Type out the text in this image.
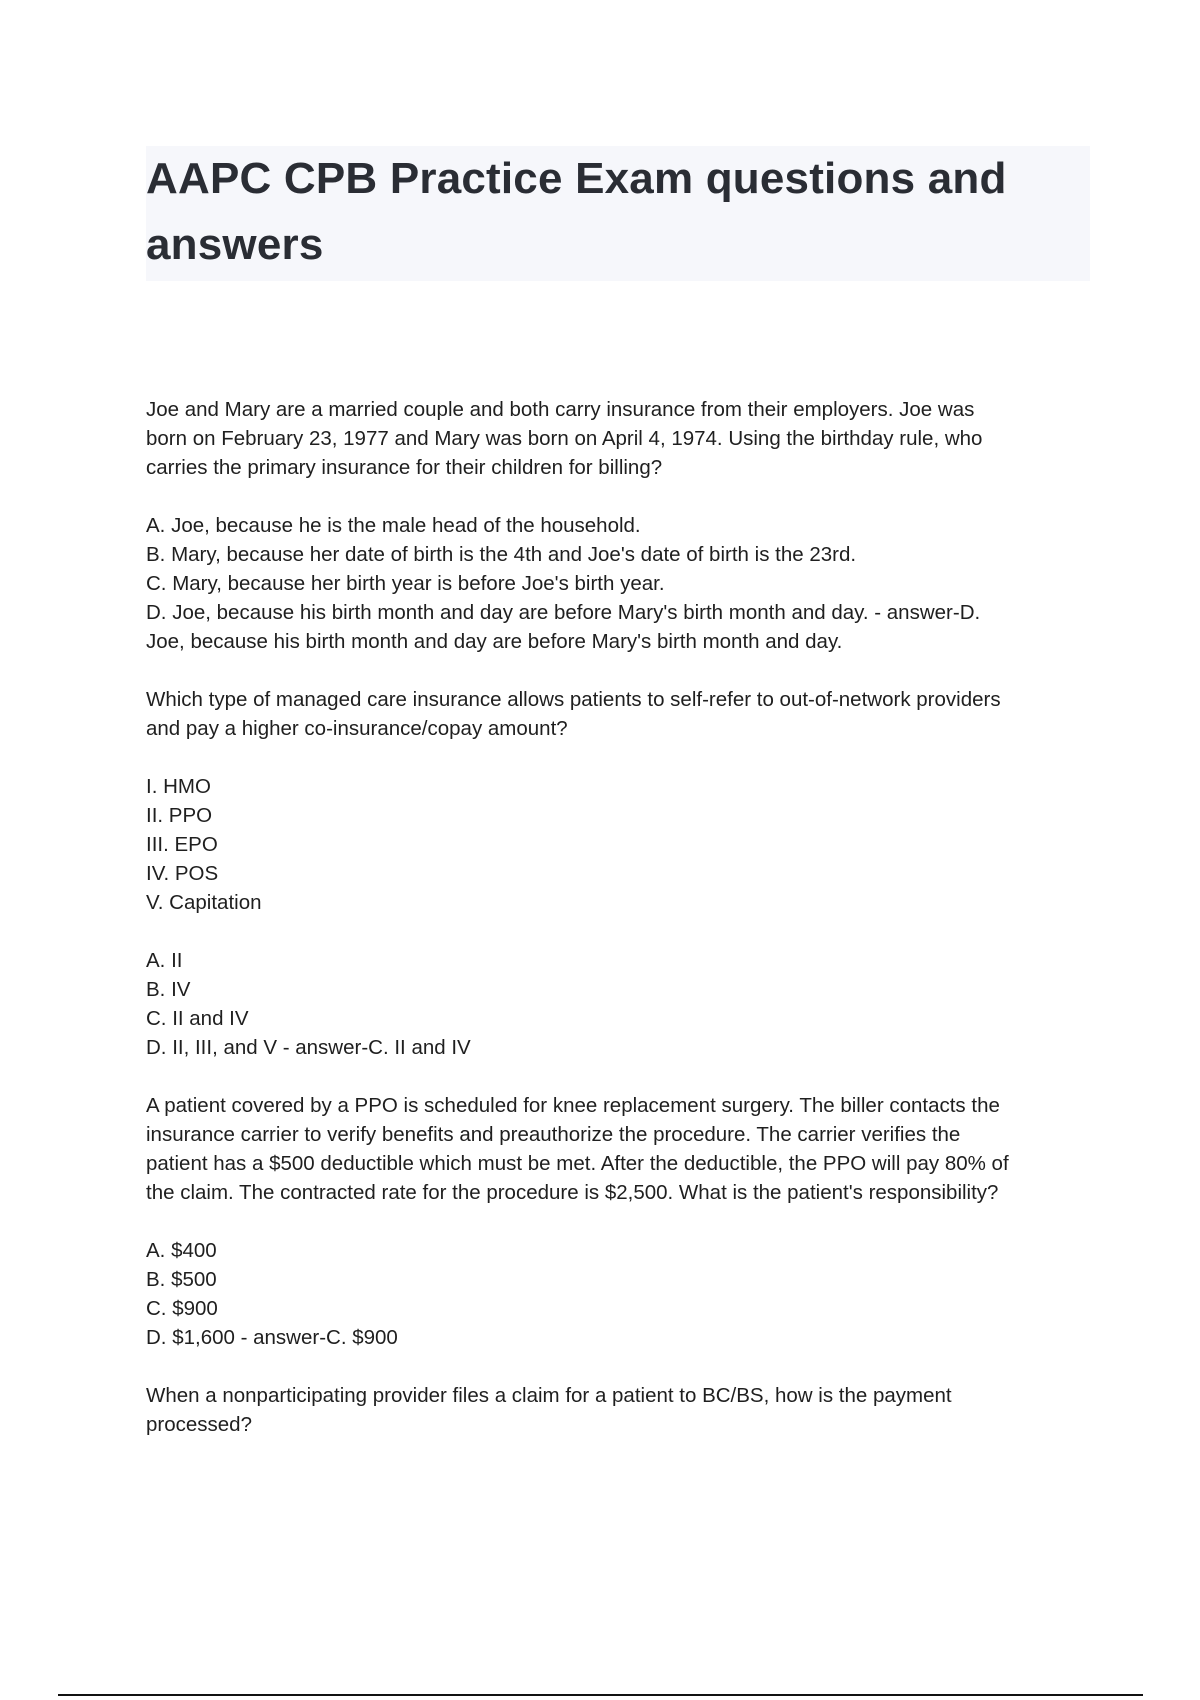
AAPC CPB Practice Exam questions and
answers
Joe and Mary are a married couple and both carry insurance from their employers. Joe was
born on February 23, 1977 and Mary was born on April 4, 1974. Using the birthday rule, who
carries the primary insurance for their children for billing?
A. Joe, because he is the male head of the household.
B. Mary, because her date of birth is the 4th and Joe's date of birth is the 23rd.
C. Mary, because her birth year is before Joe's birth year.
D. Joe, because his birth month and day are before Mary's birth month and day. - answer-D.
Joe, because his birth month and day are before Mary's birth month and day.
Which type of managed care insurance allows patients to self-refer to out-of-network providers
and pay a higher co-insurance/copay amount?
I. HMO
II. PPO
III. EPO
IV. POS
V. Capitation
A. II
B. IV
C. II and IV
D. II, III, and V - answer-C. II and IV
A patient covered by a PPO is scheduled for knee replacement surgery. The biller contacts the
insurance carrier to verify benefits and preauthorize the procedure. The carrier verifies the
patient has a $500 deductible which must be met. After the deductible, the PPO will pay 80% of
the claim. The contracted rate for the procedure is $2,500. What is the patient's responsibility?
A. $400
B. $500
C. $900
D. $1,600 - answer-C. $900
When a nonparticipating provider files a claim for a patient to BC/BS, how is the payment
processed?
